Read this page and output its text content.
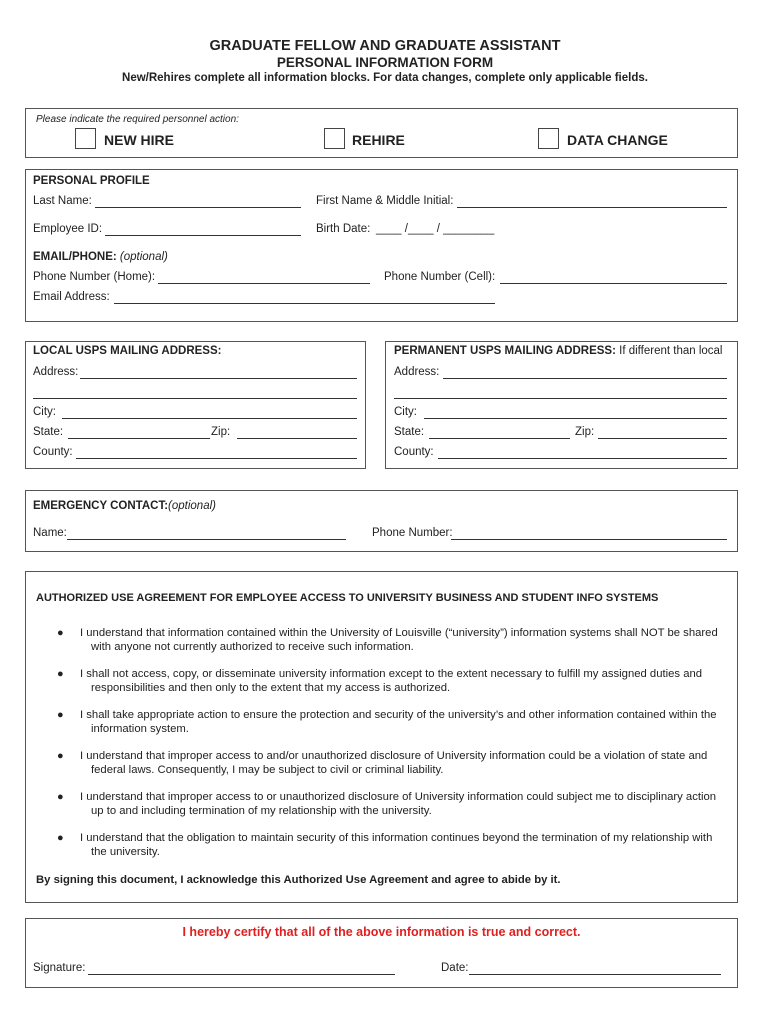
GRADUATE FELLOW AND GRADUATE ASSISTANT
PERSONAL INFORMATION FORM
New/Rehires complete all information blocks. For data changes, complete only applicable fields.
Please indicate the required personnel action:
NEW HIRE	REHIRE	DATA CHANGE
PERSONAL PROFILE
Last Name:	First Name & Middle Initial:
Employee ID:	Birth Date: ____ /____ / ________
EMAIL/PHONE: (optional)
Phone Number (Home):	Phone Number (Cell):
Email Address:
LOCAL USPS MAILING ADDRESS:
Address:
City:
State:	Zip:
County:
PERMANENT USPS MAILING ADDRESS: If different than local
Address:
City:
State:	Zip:
County:
EMERGENCY CONTACT:(optional)
Name:	Phone Number:
AUTHORIZED USE AGREEMENT FOR EMPLOYEE ACCESS TO UNIVERSITY BUSINESS AND STUDENT INFO SYSTEMS
● I understand that information contained within the University of Louisville (“university”) information systems shall NOT be shared with anyone not currently authorized to receive such information.
● I shall not access, copy, or disseminate university information except to the extent necessary to fulfill my assigned duties and responsibilities and then only to the extent that my access is authorized.
● I shall take appropriate action to ensure the protection and security of the university’s and other information contained within the information system.
● I understand that improper access to and/or unauthorized disclosure of University information could be a violation of state and federal laws. Consequently, I may be subject to civil or criminal liability.
● I understand that improper access to or unauthorized disclosure of University information could subject me to disciplinary action up to and including termination of my relationship with the university.
● I understand that the obligation to maintain security of this information continues beyond the termination of my relationship with the university.
By signing this document, I acknowledge this Authorized Use Agreement and agree to abide by it.
I hereby certify that all of the above information is true and correct.
Signature:	Date:
